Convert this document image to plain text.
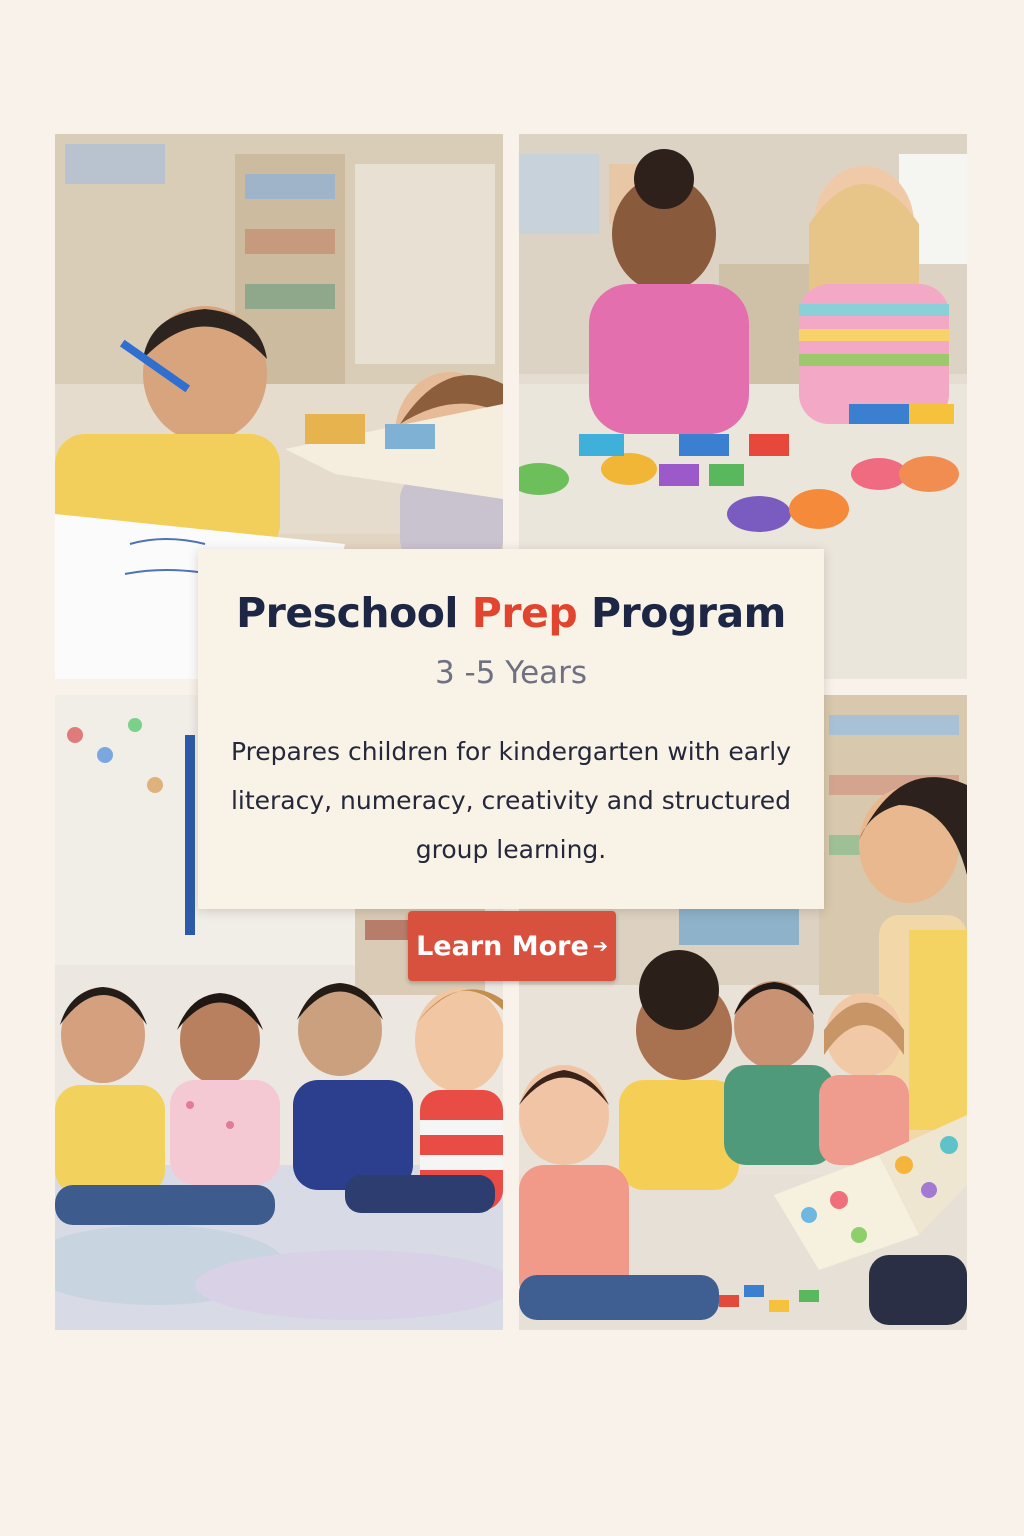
Preschool Prep Program
3 -5 Years
Prepares children for kindergarten with early literacy, numeracy, creativity and structured group learning.
Learn More ➔
